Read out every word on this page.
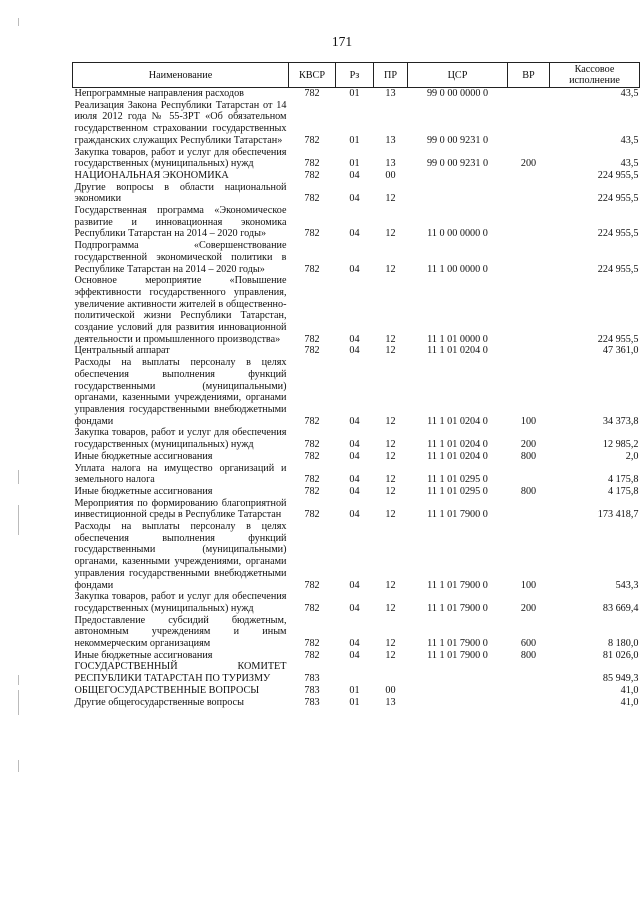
171
Наименование	КВСР	Рз	ПР	ЦСР	ВР	Кассовое исполнение
Непрограммные направления расходов	782	01	13	99 0 00 0000 0		43,5
Реализация Закона Республики Татарстан от 14 июля 2012 года № 55-ЗРТ «Об обязательном государственном страховании государственных гражданских служащих Республики Татарстан»	782	01	13	99 0 00 9231 0		43,5
Закупка товаров, работ и услуг для обеспечения государственных (муниципальных) нужд	782	01	13	99 0 00 9231 0	200	43,5
НАЦИОНАЛЬНАЯ ЭКОНОМИКА	782	04	00			224 955,5
Другие вопросы в области национальной экономики	782	04	12			224 955,5
Государственная программа «Экономическое развитие и инновационная экономика Республики Татарстан на 2014 – 2020 годы»	782	04	12	11 0 00 0000 0		224 955,5
Подпрограмма «Совершенствование государственной экономической политики в Республике Татарстан на 2014 – 2020 годы»	782	04	12	11 1 00 0000 0		224 955,5
Основное мероприятие «Повышение эффективности государственного управления, увеличение активности жителей в общественно-политической жизни Республики Татарстан, создание условий для развития инновационной деятельности и промышленного производства»	782	04	12	11 1 01 0000 0		224 955,5
Центральный аппарат	782	04	12	11 1 01 0204 0		47 361,0
Расходы на выплаты персоналу в целях обеспечения выполнения функций государственными (муниципальными) органами, казенными учреждениями, органами управления государственными внебюджетными фондами	782	04	12	11 1 01 0204 0	100	34 373,8
Закупка товаров, работ и услуг для обеспечения государственных (муниципальных) нужд	782	04	12	11 1 01 0204 0	200	12 985,2
Иные бюджетные ассигнования	782	04	12	11 1 01 0204 0	800	2,0
Уплата налога на имущество организаций и земельного налога	782	04	12	11 1 01 0295 0		4 175,8
Иные бюджетные ассигнования	782	04	12	11 1 01 0295 0	800	4 175,8
Мероприятия по формированию благоприятной инвестиционной среды в Республике Татарстан	782	04	12	11 1 01 7900 0		173 418,7
Расходы на выплаты персоналу в целях обеспечения выполнения функций государственными (муниципальными) органами, казенными учреждениями, органами управления государственными внебюджетными фондами	782	04	12	11 1 01 7900 0	100	543,3
Закупка товаров, работ и услуг для обеспечения государственных (муниципальных) нужд	782	04	12	11 1 01 7900 0	200	83 669,4
Предоставление субсидий бюджетным, автономным учреждениям и иным некоммерческим организациям	782	04	12	11 1 01 7900 0	600	8 180,0
Иные бюджетные ассигнования	782	04	12	11 1 01 7900 0	800	81 026,0
ГОСУДАРСТВЕННЫЙ КОМИТЕТ РЕСПУБЛИКИ ТАТАРСТАН ПО ТУРИЗМУ	783					85 949,3
ОБЩЕГОСУДАРСТВЕННЫЕ ВОПРОСЫ	783	01	00			41,0
Другие общегосударственные вопросы	783	01	13			41,0
